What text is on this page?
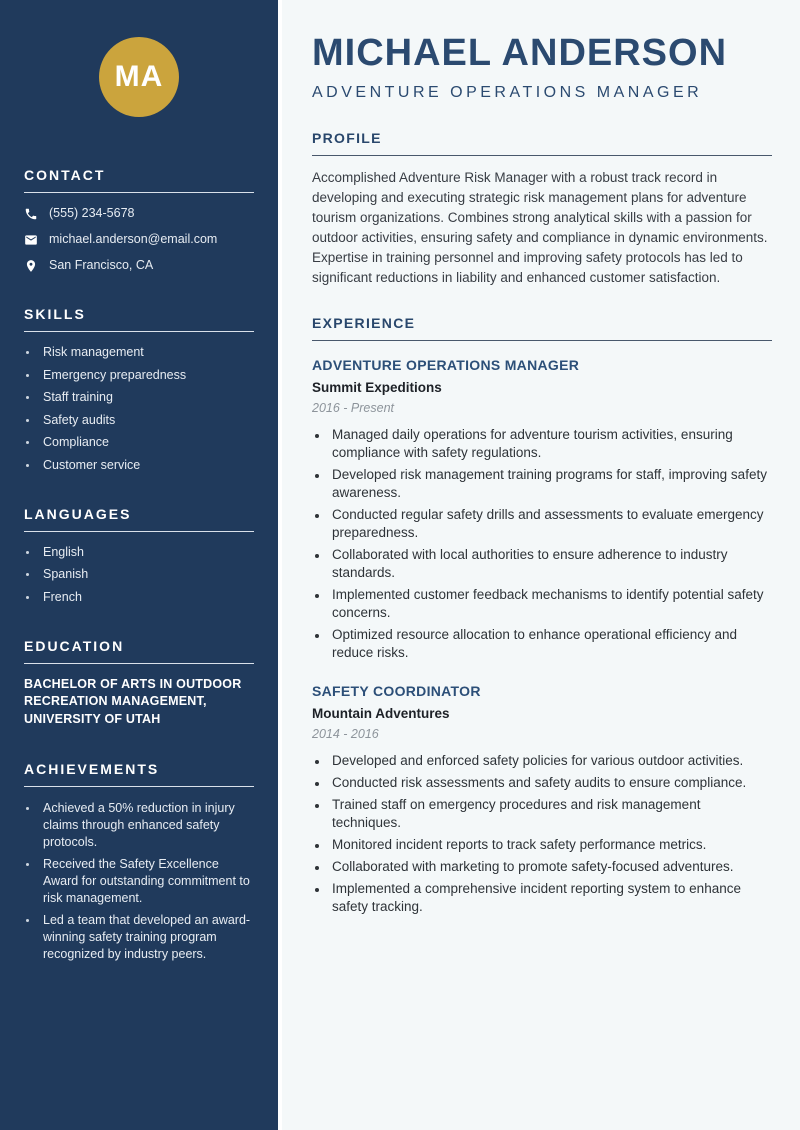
MA
CONTACT
(555) 234-5678
michael.anderson@email.com
San Francisco, CA
SKILLS
• Risk management
• Emergency preparedness
• Staff training
• Safety audits
• Compliance
• Customer service
LANGUAGES
• English
• Spanish
• French
EDUCATION

BACHELOR OF ARTS IN OUTDOOR RECREATION MANAGEMENT, UNIVERSITY OF UTAH

ACHIEVEMENTS
• Achieved a 50% reduction in injury claims through enhanced safety protocols.
• Received the Safety Excellence Award for outstanding commitment to risk management.
• Led a team that developed an award-winning safety training program recognized by industry peers.
MICHAEL ANDERSON
ADVENTURE OPERATIONS MANAGER
PROFILE

Accomplished Adventure Risk Manager with a robust track record in developing and executing strategic risk management plans for adventure tourism organizations. Combines strong analytical skills with a passion for outdoor activities, ensuring safety and compliance in dynamic environments. Expertise in training personnel and improving safety protocols has led to significant reductions in liability and enhanced customer satisfaction.

EXPERIENCE
ADVENTURE OPERATIONS MANAGER
Summit Expeditions
2016 - Present
• Managed daily operations for adventure tourism activities, ensuring compliance with safety regulations.
• Developed risk management training programs for staff, improving safety awareness.
• Conducted regular safety drills and assessments to evaluate emergency preparedness.
• Collaborated with local authorities to ensure adherence to industry standards.
• Implemented customer feedback mechanisms to identify potential safety concerns.
• Optimized resource allocation to enhance operational efficiency and reduce risks.
SAFETY COORDINATOR
Mountain Adventures
2014 - 2016
• Developed and enforced safety policies for various outdoor activities.
• Conducted risk assessments and safety audits to ensure compliance.
• Trained staff on emergency procedures and risk management techniques.
• Monitored incident reports to track safety performance metrics.
• Collaborated with marketing to promote safety-focused adventures.
• Implemented a comprehensive incident reporting system to enhance safety tracking.
